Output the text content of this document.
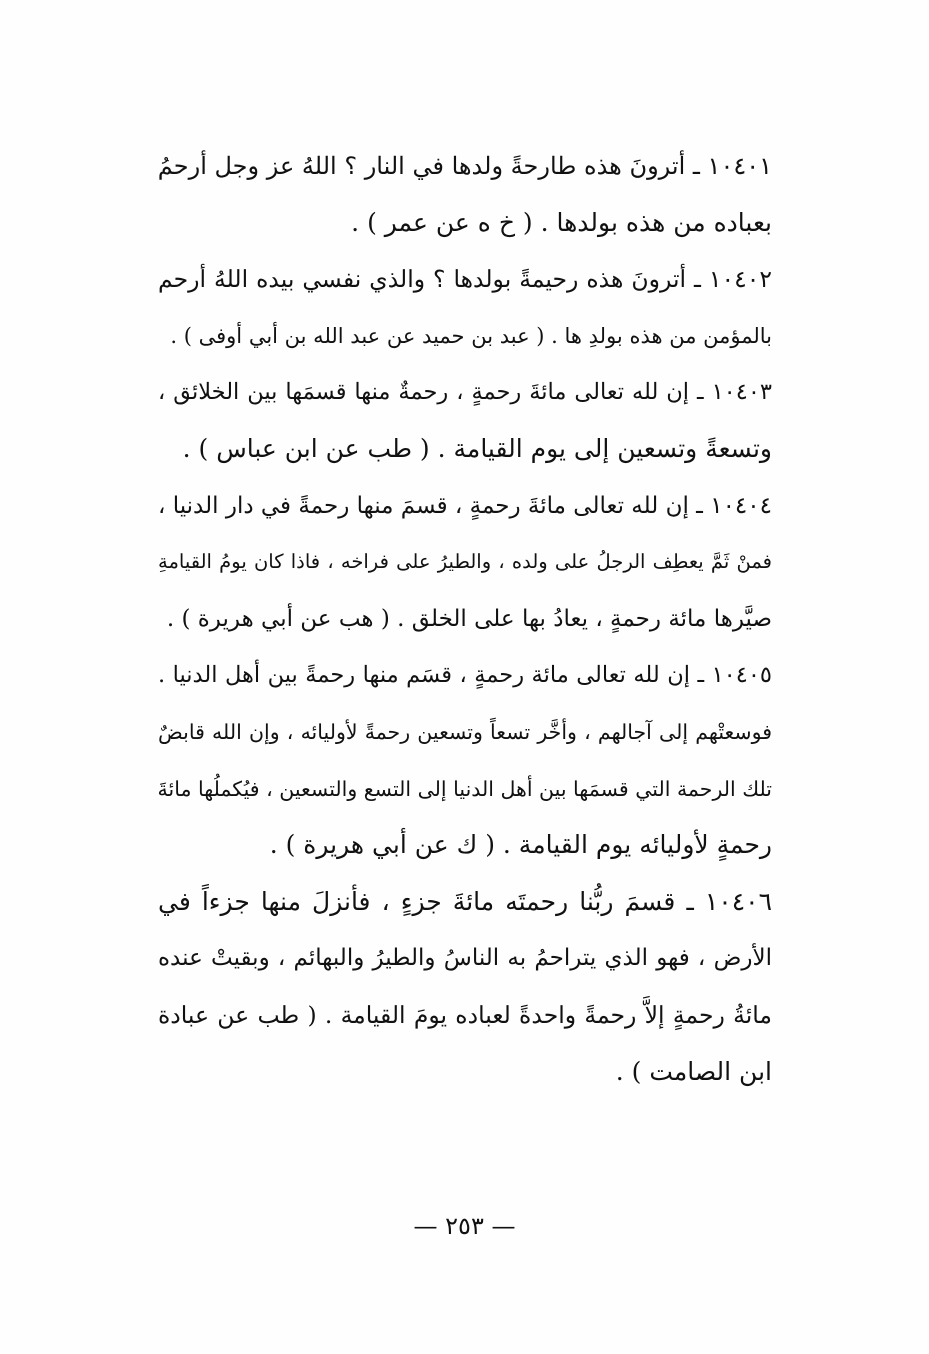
١٠٤٠١ ـ أترونَ هذه طارحةً ولدها في النار ؟ اللهُ عز وجل أرحمُ
بعباده من هذه بولدها . ( خ ه عن عمر ) .
١٠٤٠٢ ـ أترونَ هذه رحيمةً بولدها ؟ والذي نفسي بيده اللهُ أرحم
بالمؤمن من هذه بولدِ ها . ( عبد بن حميد عن عبد الله بن أبي أوفى ) .
١٠٤٠٣ ـ إن لله تعالى مائةَ رحمةٍ ، رحمةٌ منها قسمَها بين الخلائق ،
وتسعةً وتسعين إلى يوم القيامة . ( طب عن ابن عباس ) .
١٠٤٠٤ ـ إن لله تعالى مائةَ رحمةٍ ، قسمَ منها رحمةً في دار الدنيا ،
فمنْ ثَمَّ يعطِف الرجلُ على ولده ، والطيرُ على فراخه ، فاذا كان يومُ القيامةِ
صيَّرها مائة رحمةٍ ، يعادُ بها على الخلق . ( هب عن أبي هريرة ) .
١٠٤٠٥ ـ إن لله تعالى مائة رحمةٍ ، قسَم منها رحمةً بين أهل الدنيا .
فوسعتْهم إلى آجالهم ، وأخَّر تسعاً وتسعين رحمةً لأوليائه ، وإن الله قابضٌ
تلك الرحمة التي قسمَها بين أهل الدنيا إلى التسع والتسعين ، فيُكملُها مائةَ
رحمةٍ لأوليائه يوم القيامة . ( ك عن أبي هريرة ) .
١٠٤٠٦ ـ قسمَ ربُّنا رحمتَه مائةَ جزءٍ ، فأنزلَ منها جزءاً في
الأرض ، فهو الذي يتراحمُ به الناسُ والطيرُ والبهائم ، وبقيتْ عنده
مائةُ رحمةٍ إلاَّ رحمةً واحدةً لعباده يومَ القيامة . ( طب عن عبادة
ابن الصامت ) .
— ٢٥٣ —
